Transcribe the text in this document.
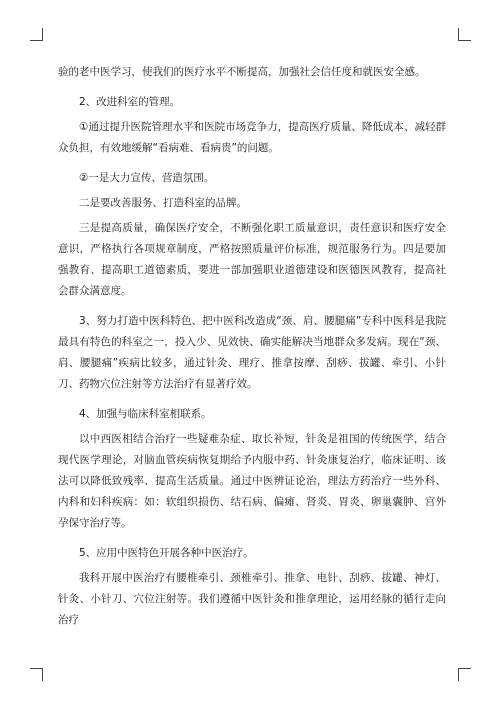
验的老中医学习，使我们的医疗水平不断提高，加强社会信任度和就医安全感。

2、改进科室的管理。

①通过提升医院管理水平和医院市场竞争力，提高医疗质量、降低成本、减轻群众负担，有效地缓解“看病难、看病贵”的问题。

②一是大力宣传、营造氛围。

二是要改善服务、打造科室的品牌。

三是提高质量，确保医疗安全，不断强化职工质量意识，责任意识和医疗安全意识，严格执行各项规章制度，严格按照质量评价标准，规范服务行为。四是要加强教育、提高职工道德素质，要进一部加强职业道德建设和医德医风教育，提高社会群众满意度。

3、努力打造中医科特色、把中医科改造成“颈、肩、腰腿痛”专科中医科是我院最具有特色的科室之一，投入少、见效快、确实能解决当地群众多发病。现在“颈、肩、腰腿痛”疾病比较多，通过针灸、理疗、推拿按摩、刮痧、拔罐、牵引、小针刀、药物穴位注射等方法治疗有显著疗效。

4、加强与临床科室相联系。

以中西医相结合治疗一些疑难杂症、取长补短，针灸是祖国的传统医学，结合现代医学理论，对脑血管疾病恢复期给予内服中药、针灸康复治疗，临床证明、该法可以降低致残率、提高生活质量。通过中医辨证论治，理法方药治疗一些外科、内科和妇科疾病：如：软组织损伤、结石病、偏瘫、肾炎、胃炎、卵巢囊肿、宫外孕保守治疗等。

5、应用中医特色开展各种中医治疗。

我科开展中医治疗有腰椎牵引、颈椎牵引、推拿、电针、刮痧、拔罐、神灯、针灸、小针刀、穴位注射等。我们遵循中医针灸和推拿理论，运用经脉的循行走向治疗
